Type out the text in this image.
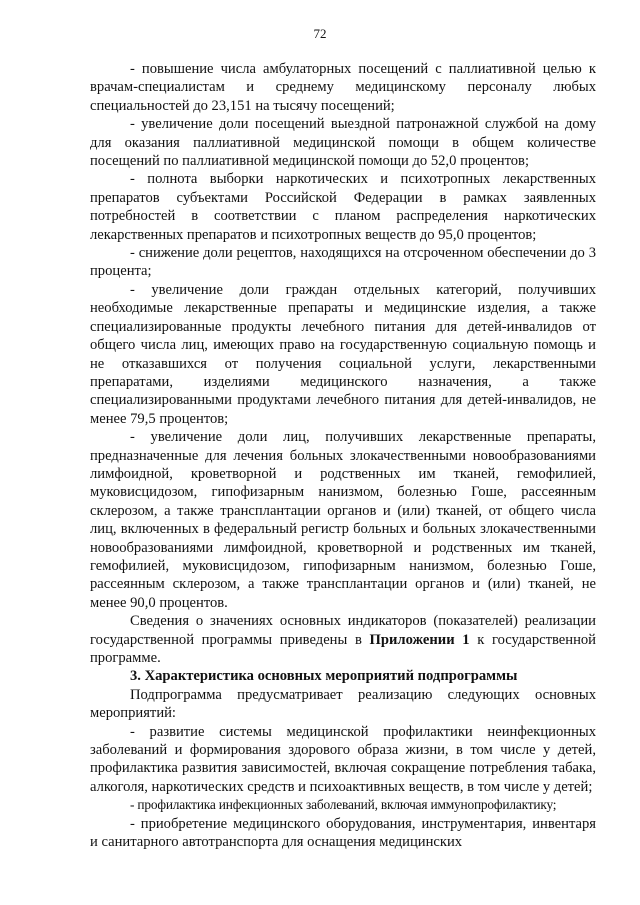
72

- повышение числа амбулаторных посещений с паллиативной целью к врачам-специалистам и среднему медицинскому персоналу любых специальностей до 23,151 на тысячу посещений;

- увеличение доли посещений выездной патронажной службой на дому для оказания паллиативной медицинской помощи в общем количестве посещений по паллиативной медицинской помощи до 52,0 процентов;

- полнота выборки наркотических и психотропных лекарственных препаратов субъектами Российской Федерации в рамках заявленных потребностей в соответствии с планом распределения наркотических лекарственных препаратов и психотропных веществ до 95,0 процентов;

- снижение доли рецептов, находящихся на отсроченном обеспечении до 3 процента;

- увеличение доли граждан отдельных категорий, получивших необходимые лекарственные препараты и медицинские изделия, а также специализированные продукты лечебного питания для детей-инвалидов от общего числа лиц, имеющих право на государственную социальную помощь и не отказавшихся от получения социальной услуги, лекарственными препаратами, изделиями медицинского назначения, а также специализированными продуктами лечебного питания для детей-инвалидов, не менее 79,5 процентов;

- увеличение доли лиц, получивших лекарственные препараты, предназначенные для лечения больных злокачественными новообразованиями лимфоидной, кроветворной и родственных им тканей, гемофилией, муковисцидозом, гипофизарным нанизмом, болезнью Гоше, рассеянным склерозом, а также трансплантации органов и (или) тканей, от общего числа лиц, включенных в федеральный регистр больных и больных злокачественными новообразованиями лимфоидной, кроветворной и родственных им тканей, гемофилией, муковисцидозом, гипофизарным нанизмом, болезнью Гоше, рассеянным склерозом, а также трансплантации органов и (или) тканей, не менее 90,0 процентов.

Сведения о значениях основных индикаторов (показателей) реализации государственной программы приведены в Приложении 1 к государственной программе.

3. Характеристика основных мероприятий подпрограммы

Подпрограмма предусматривает реализацию следующих основных мероприятий:

- развитие системы медицинской профилактики неинфекционных заболеваний и формирования здорового образа жизни, в том числе у детей, профилактика развития зависимостей, включая сокращение потребления табака, алкоголя, наркотических средств и психоактивных веществ, в том числе у детей;

- профилактика инфекционных заболеваний, включая иммунопрофилактику;

- приобретение медицинского оборудования, инструментария, инвентаря и санитарного автотранспорта для оснащения медицинских
